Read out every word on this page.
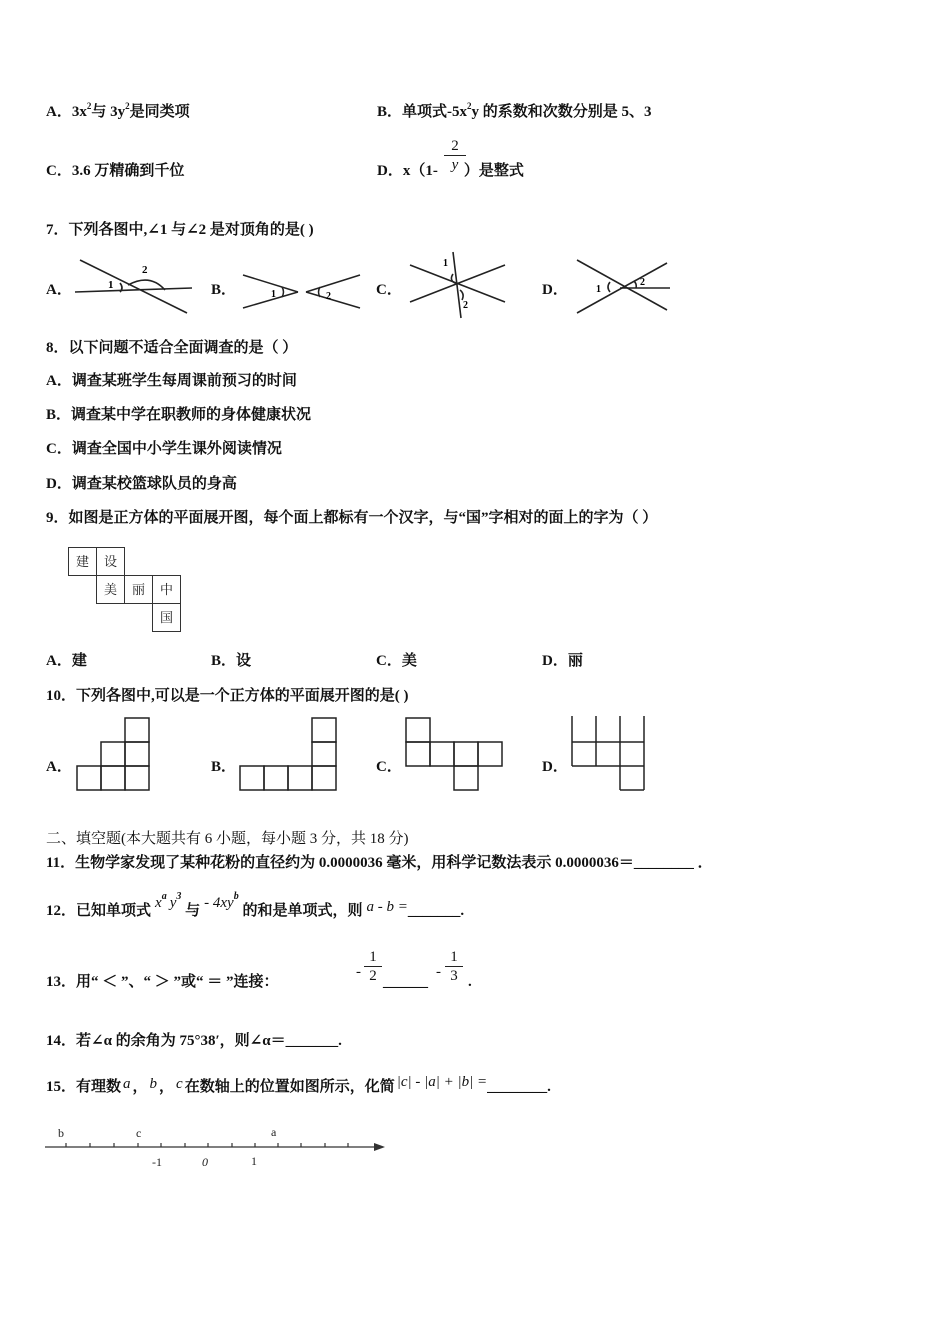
A．$3x^2$与 $3y^2$是同类项	B．单项式$-5x^2y$ 的系数和次数分别是 5、3
C．3.6 万精确到千位	D．x（1- ）是整式
$\frac{2}{y}$
7．下列各图中,∠1 与∠2 是对顶角的是( )
A．	B．	C．	D．
1
2
1	2
1
2
1
2
8．以下问题不适合全面调查的是（ ）
A．调查某班学生每周课前预习的时间
B．调查某中学在职教师的身体健康状况
C．调查全国中小学生课外阅读情况
D．调查某校篮球队员的身高
9．如图是正方体的平面展开图，每个面上都标有一个汉字，与“国”字相对的面上的字为（ ）
建 设
美 丽 中
国
A．建	B．设	C．美	D．丽
10．下列各图中,可以是一个正方体的平面展开图的是( )
A．	B．	C．	D．
二、填空题(本大题共有 6 小题，每小题 3 分，共 18 分)
11．生物学家发现了某种花粉的直径约为 0.0000036 毫米，用科学记数法表示 0.0000036＝________ ．
12．已知单项式 $x^a$ $y^3$ 与 - $4xy^b$ 的和是单项式，则 a - b =_______.
13．用“ ＜ ”、“ ＞ ”或“ ＝ ”连接：
- $\frac{1}{2}$ ______
- $\frac{1}{3}$ .
14．若∠α 的余角为 75°38′，则∠α＝_______.
15．有理数 a ， b ， c 在数轴上的位置如图所示，化简 |c| - |a| + |b| =________.
b	c	a
-1	0	1
